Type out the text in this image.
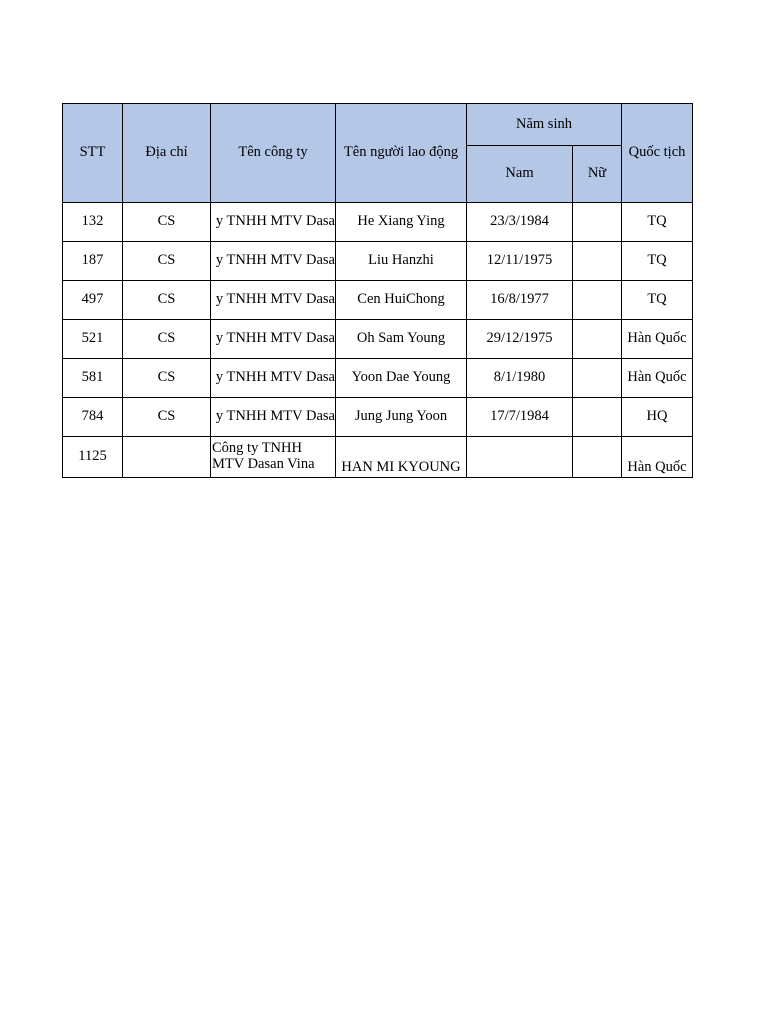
STT	Địa chỉ	Tên công ty	Tên người lao động	Năm sinh		Quốc tịch
				Nam	Nữ	
132	CS	y TNHH MTV Dasa	He Xiang Ying	23/3/1984		TQ
187	CS	y TNHH MTV Dasa	Liu Hanzhi	12/11/1975		TQ
497	CS	y TNHH MTV Dasa	Cen HuiChong	16/8/1977		TQ
521	CS	y TNHH MTV Dasa	Oh Sam Young	29/12/1975		Hàn Quốc
581	CS	y TNHH MTV Dasa	Yoon Dae Young	8/1/1980		Hàn Quốc
784	CS	y TNHH MTV Dasa	Jung Jung Yoon	17/7/1984		HQ
1125		Công ty TNHH MTV Dasan Vina	HAN MI KYOUNG			Hàn Quốc
